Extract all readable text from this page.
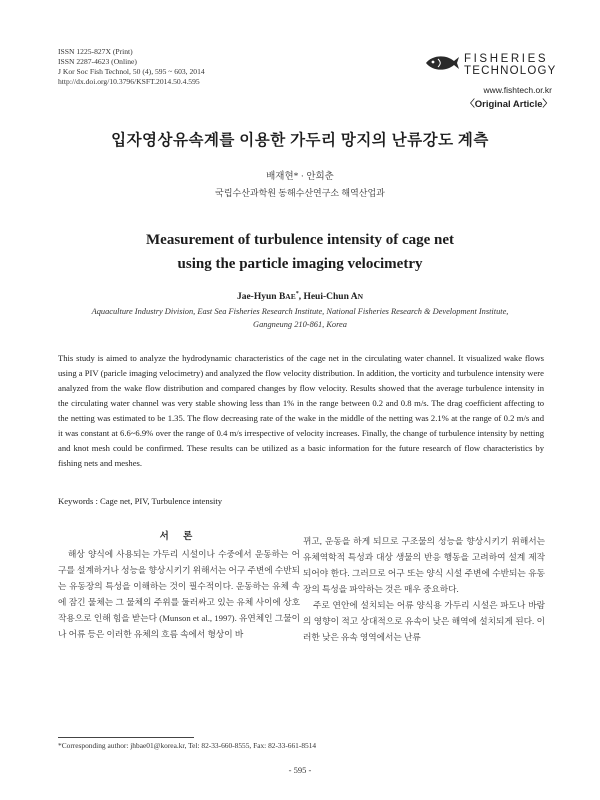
ISSN 1225-827X (Print)
ISSN 2287-4623 (Online)
J Kor Soc Fish Technol, 50 (4), 595 ~ 603, 2014
http://dx.doi.org/10.3796/KSFT.2014.50.4.595
FISHERIES
TECHNOLOGY
www.fishtech.or.kr
〈Original Article〉
입자영상유속계를 이용한 가두리 망지의 난류강도 계측
배재현* · 안희춘
국립수산과학원 동해수산연구소 해역산업과
Measurement of turbulence intensity of cage net
using the particle imaging velocimetry
Jae-Hyun BAE*, Heui-Chun AN
Aquaculture Industry Division, East Sea Fisheries Research Institute, National Fisheries Research & Development Institute,
Gangneung 210-861, Korea

This study is aimed to analyze the hydrodynamic characteristics of the cage net in the circulating water channel. It visualized wake flows using a PIV (paricle imaging velocimetry) and analyzed the flow velocity distribution. In addition, the vorticity and turbulence intensity were analyzed from the wake flow distribution and compared changes by flow velocity. Results showed that the average turbulence intensity in the circulating water channel was very stable showing less than 1% in the range between 0.2 and 0.8 m/s. The drag coefficient affecting to the netting was estimated to be 1.35. The flow decreasing rate of the wake in the middle of the netting was 2.1% at the range of 0.2 m/s and it was constant at 6.6~6.9% over the range of 0.4 m/s irrespective of velocity increases. Finally, the change of turbulence intensity by netting and knot mesh could be confirmed. These results can be utilized as a basic information for the future research of flow characteristics by fishing nets and meshes.

Keywords : Cage net, PIV, Turbulence intensity
서 론

해상 양식에 사용되는 가두리 시설이나 수중에서 운동하는 어구를 설계하거나 성능을 향상시키기 위해서는 어구 주변에 수반되는 유동장의 특성을 이해하는 것이 필수적이다. 운동하는 유체 속에 잠긴 물체는 그 물체의 주위를 둘러싸고 있는 유체 사이에 상호 작용으로 인해 힘을 받는다 (Munson et al., 1997). 유연체인 그물이나 어류 등은 이러한 유체의 흐름 속에서 형상이 바

뀌고, 운동을 하게 되므로 구조물의 성능을 향상시키기 위해서는 유체역학적 특성과 대상 생물의 반응 행동을 고려하여 설계 제작되어야 한다. 그러므로 어구 또는 양식 시설 주변에 수반되는 유동장의 특성을 파악하는 것은 매우 중요하다.

주로 연안에 설치되는 어류 양식용 가두리 시설은 파도나 바람의 영향이 적고 상대적으로 유속이 낮은 해역에 설치되게 된다. 이러한 낮은 유속 영역에서는 난류

*Corresponding author: jhbae01@korea.kr, Tel: 82-33-660-8555, Fax: 82-33-661-8514
- 595 -
